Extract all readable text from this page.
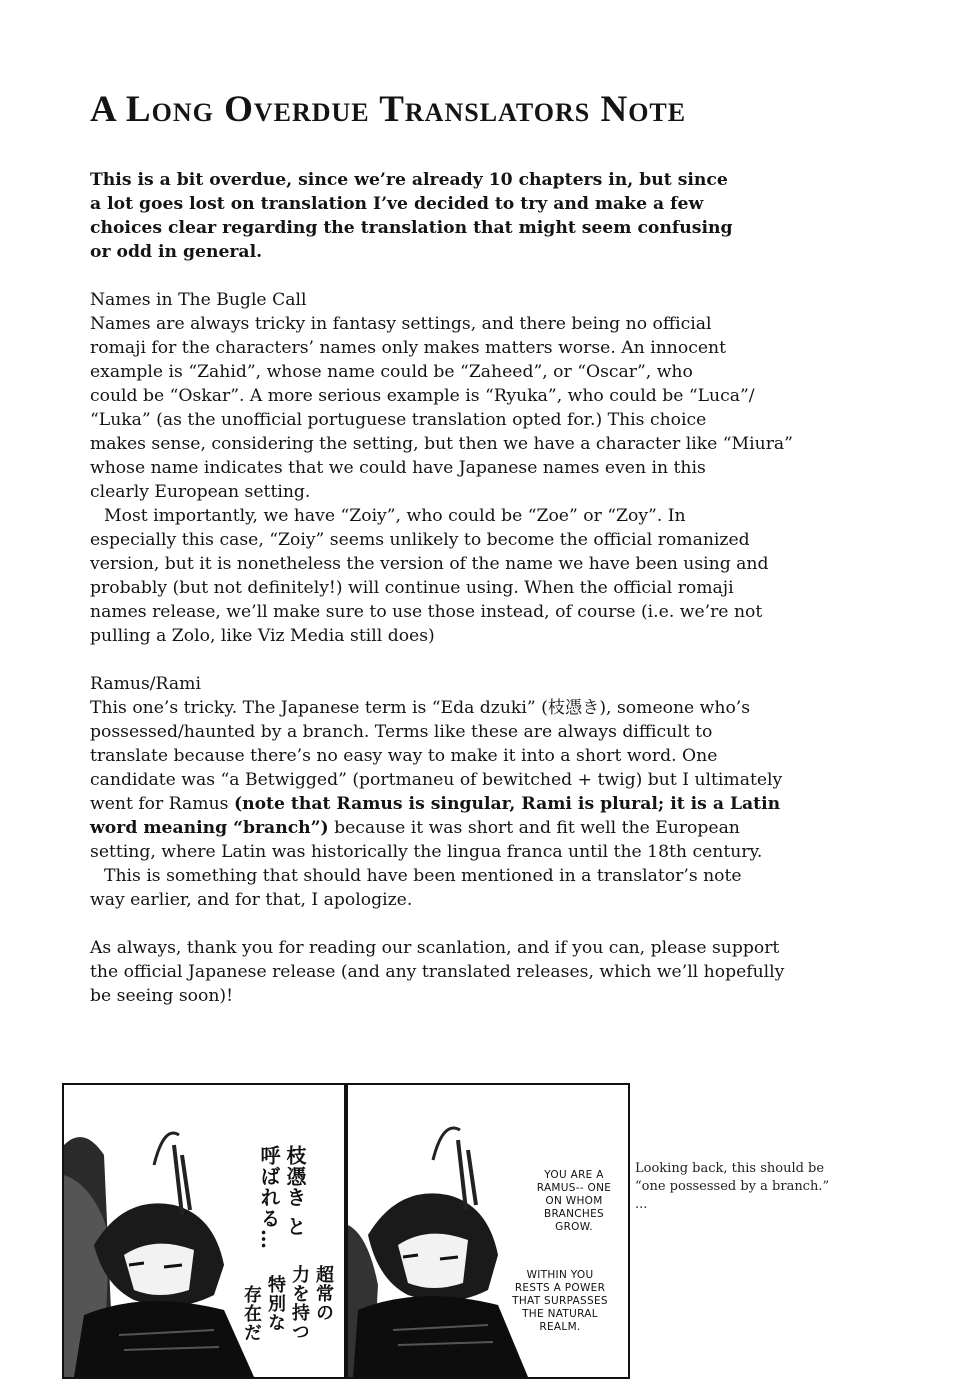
A Long Overdue Translators Note

This is a bit overdue, since we’re already 10 chapters in, but since

a lot goes lost on translation I’ve decided to try and make a few

choices clear regarding the translation that might seem confusing

or odd in general.

Names in The Bugle Call

Names are always tricky in fantasy settings, and there being no official

romaji for the characters’ names only makes matters worse. An innocent

example is “Zahid”, whose name could be “Zaheed”, or “Oscar”, who

could be “Oskar”. A more serious example is “Ryuka”, who could be “Luca”/

“Luka” (as the unofficial portuguese translation opted for.) This choice

makes sense, considering the setting, but then we have a character like “Miura”

whose name indicates that we could have Japanese names even in this

clearly European setting.

Most importantly, we have “Zoiy”, who could be “Zoe” or “Zoy”. In

especially this case, “Zoiy” seems unlikely to become the official romanized

version, but it is nonetheless the version of the name we have been using and

probably (but not definitely!) will continue using. When the official romaji

names release, we’ll make sure to use those instead, of course (i.e. we’re not

pulling a Zolo, like Viz Media still does)

Ramus/Rami

This one’s tricky. The Japanese term is “Eda dzuki” (枝憑き), someone who’s

possessed/haunted by a branch. Terms like these are always difficult to

translate because there’s no easy way to make it into a short word. One

candidate was “a Betwigged” (portmaneu of bewitched + twig) but I ultimately

went for Ramus (note that Ramus is singular, Rami is plural; it is a Latin

word meaning “branch”) because it was short and fit well the European

setting, where Latin was historically the lingua franca until the 18th century.

This is something that should have been mentioned in a translator’s note

way earlier, and for that, I apologize.

As always, thank you for reading our scanlation, and if you can, please support

the official Japanese release (and any translated releases, which we’ll hopefully

be seeing soon)!

枝憑き と
呼ばれる…
超常の
力を持つ
特別な
存在だ
YOU ARE A RAMUS-- ONE ON WHOM BRANCHES GROW.
WITHIN YOU RESTS A POWER THAT SURPASSES THE NATURAL REALM.

Looking back, this should be

“one possessed by a branch.”

...
